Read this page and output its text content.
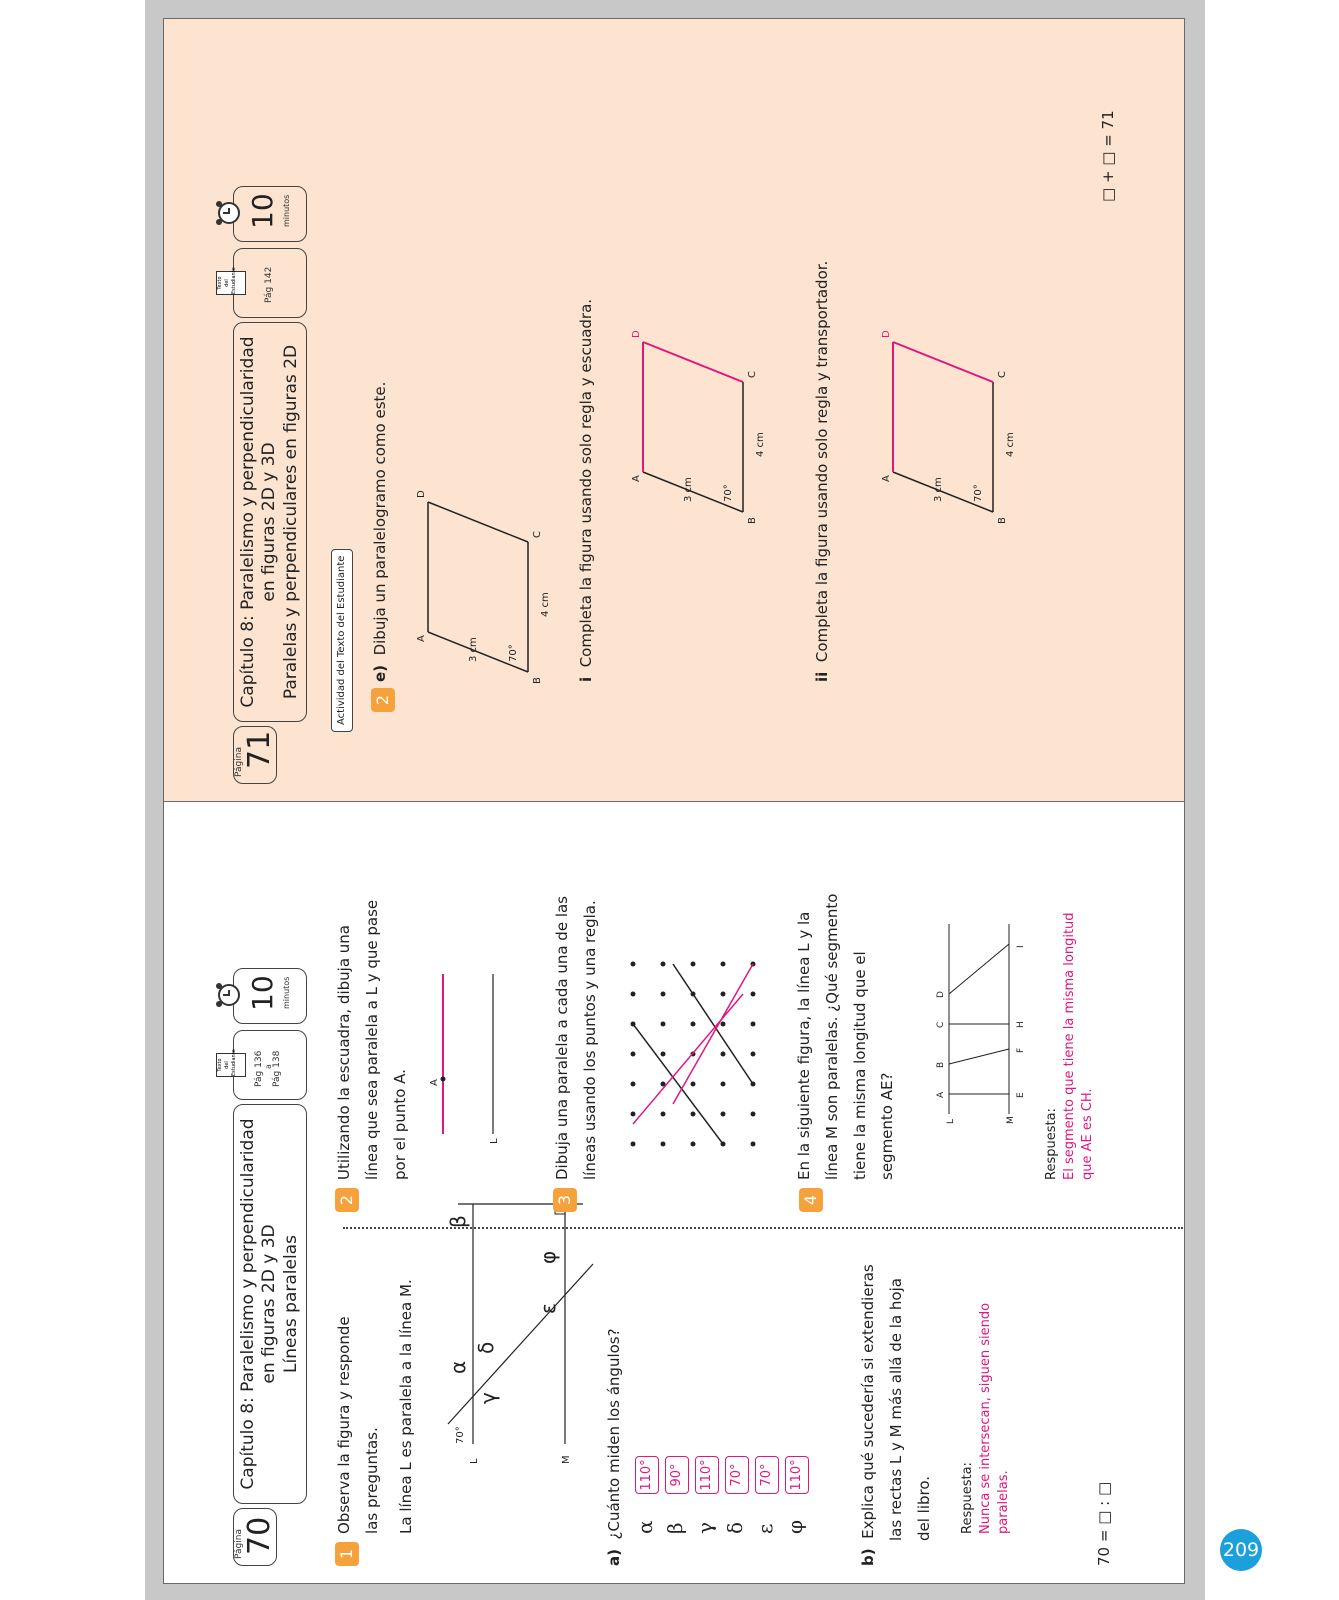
209
Página
70
Capítulo 8: Paralelismo y perpendicularidad en figuras 2D y 3D Líneas paralelas
Texto del Estudiante	Pág 136 a Pág 138
10 minutos
1
Observa la figura y responde las preguntas.	La línea L es paralela a la línea M.	L	M
70°
α
β
γ
δ
ε
φ
a)  ¿Cuánto miden los ángulos? α
110°
β
90°
γ
110°
δ
70°
ε
70°
φ
110°
b)  Explica qué sucedería si extendieras las rectas L y M más allá de la hoja del libro.	Respuesta: Nunca se intersecan, siguen siendo paralelas.	70 = □ : □
2
Utilizando la escuadra, dibuja una línea que sea paralela a L y que pase por el punto A.	A
L
3
Dibuja una paralela a cada una de las líneas usando los puntos y una regla.
4
En la siguiente figura, la línea L y la línea M son paralelas. ¿Qué segmento tiene la misma longitud que el segmento AE?	A
B
C
D
E
F
H
I
L	M Respuesta: El segmento que tiene la misma longitud que AE es CH.
Página
71
Capítulo 8: Paralelismo y perpendicularidad en figuras 2D y 3D Paralelas y perpendiculares en figuras 2D
Texto del Estudiante	Pág 142
10 minutos
Actividad del Texto del Estudiante	2
e)  Dibuja un paralelogramo como este.	A
B
C
D
3 cm
4 cm
70°
i  Completa la figura usando solo regla y escuadra.	A
B
C
D
3 cm
4 cm
70°
ii  Completa la figura usando solo regla y transportador.	A
B
C
D
3 cm
4 cm
70°
□ + □ = 71
